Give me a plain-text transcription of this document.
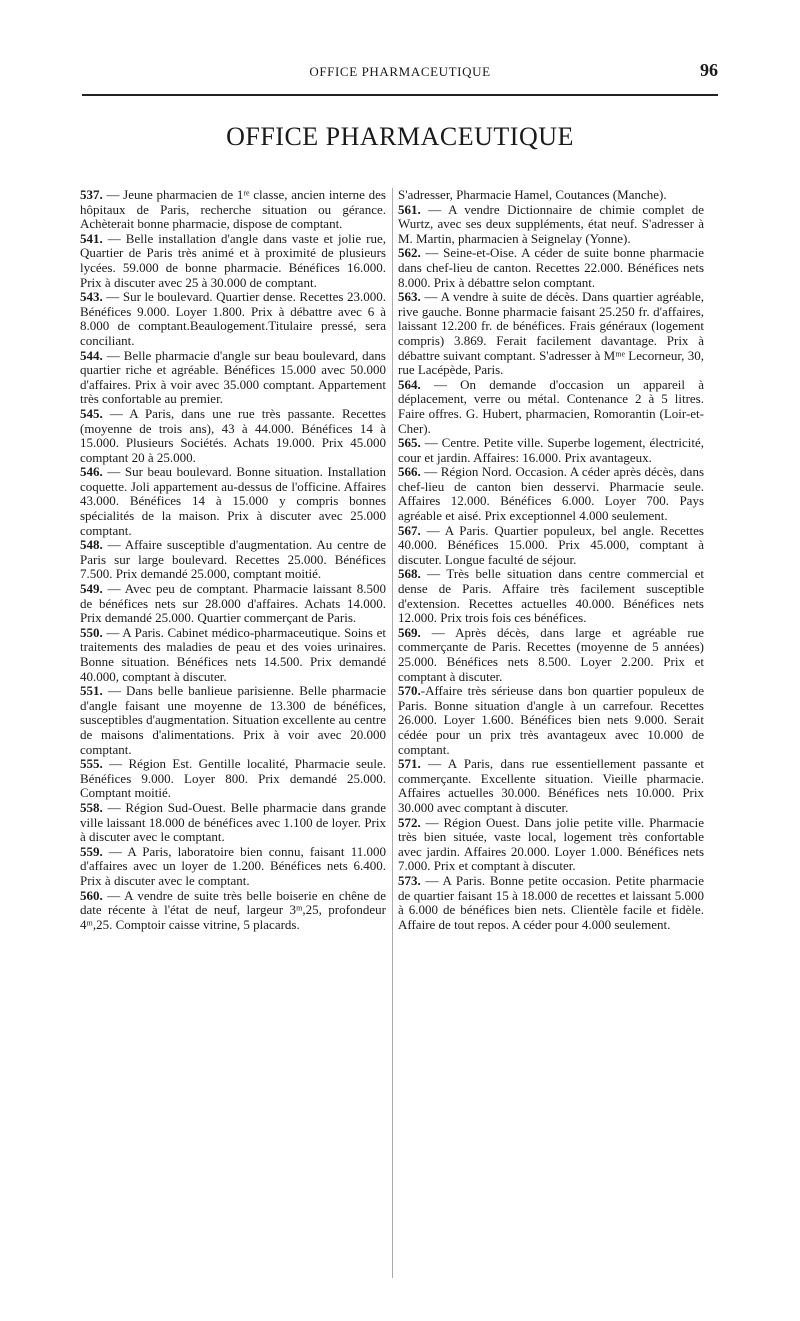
OFFICE PHARMACEUTIQUE	96
OFFICE PHARMACEUTIQUE

537. — Jeune pharmacien de 1ʳᵉ classe, ancien interne des hôpitaux de Paris, recherche situation ou gérance. Achèterait bonne pharmacie, dispose de comptant.

541. — Belle installation d'angle dans vaste et jolie rue, Quartier de Paris très animé et à proximité de plusieurs lycées. 59.000 de bonne pharmacie. Bénéfices 16.000. Prix à discuter avec 25 à 30.000 de comptant.

543. — Sur le boulevard. Quartier dense. Recettes 23.000. Bénéfices 9.000. Loyer 1.800. Prix à débattre avec 6 à 8.000 de comptant.Beaulogement.Titulaire pressé, sera conciliant.

544. — Belle pharmacie d'angle sur beau boulevard, dans quartier riche et agréable. Bénéfices 15.000 avec 50.000 d'affaires. Prix à voir avec 35.000 comptant. Appartement très confortable au premier.

545. — A Paris, dans une rue très passante. Recettes (moyenne de trois ans), 43 à 44.000. Bénéfices 14 à 15.000. Plusieurs Sociétés. Achats 19.000. Prix 45.000 comptant 20 à 25.000.

546. — Sur beau boulevard. Bonne situation. Installation coquette. Joli appartement au-dessus de l'officine. Affaires 43.000. Bénéfices 14 à 15.000 y compris bonnes spécialités de la maison. Prix à discuter avec 25.000 comptant.

548. — Affaire susceptible d'augmentation. Au centre de Paris sur large boulevard. Recettes 25.000. Bénéfices 7.500. Prix demandé 25.000, comptant moitié.

549. — Avec peu de comptant. Pharmacie laissant 8.500 de bénéfices nets sur 28.000 d'affaires. Achats 14.000. Prix demandé 25.000. Quartier commerçant de Paris.

550. — A Paris. Cabinet médico-pharmaceutique. Soins et traitements des maladies de peau et des voies urinaires. Bonne situation. Bénéfices nets 14.500. Prix demandé 40.000, comptant à discuter.

551. — Dans belle banlieue parisienne. Belle pharmacie d'angle faisant une moyenne de 13.300 de bénéfices, susceptibles d'augmentation. Situation excellente au centre de maisons d'alimentations. Prix à voir avec 20.000 comptant.

555. — Région Est. Gentille localité, Pharmacie seule. Bénéfices 9.000. Loyer 800. Prix demandé 25.000. Comptant moitié.

558. — Région Sud-Ouest. Belle pharmacie dans grande ville laissant 18.000 de bénéfices avec 1.100 de loyer. Prix à discuter avec le comptant.

559. — A Paris, laboratoire bien connu, faisant 11.000 d'affaires avec un loyer de 1.200. Bénéfices nets 6.400. Prix à discuter avec le comptant.

560. — A vendre de suite très belle boiserie en chêne de date récente à l'état de neuf, largeur 3ᵐ,25, profondeur 4ᵐ,25. Comptoir caisse vitrine, 5 placards.

S'adresser, Pharmacie Hamel, Coutances (Manche).

561. — A vendre Dictionnaire de chimie complet de Wurtz, avec ses deux suppléments, état neuf. S'adresser à M. Martin, pharmacien à Seignelay (Yonne).

562. — Seine-et-Oise. A céder de suite bonne pharmacie dans chef-lieu de canton. Recettes 22.000. Bénéfices nets 8.000. Prix à débattre selon comptant.

563. — A vendre à suite de décès. Dans quartier agréable, rive gauche. Bonne pharmacie faisant 25.250 fr. d'affaires, laissant 12.200 fr. de bénéfices. Frais généraux (logement compris) 3.869. Ferait facilement davantage. Prix à débattre suivant comptant. S'adresser à Mᵐᵉ Lecorneur, 30, rue Lacépède, Paris.

564. — On demande d'occasion un appareil à déplacement, verre ou métal. Contenance 2 à 5 litres. Faire offres. G. Hubert, pharmacien, Romorantin (Loir-et-Cher).

565. — Centre. Petite ville. Superbe logement, électricité, cour et jardin. Affaires: 16.000. Prix avantageux.

566. — Région Nord. Occasion. A céder après décès, dans chef-lieu de canton bien desservi. Pharmacie seule. Affaires 12.000. Bénéfices 6.000. Loyer 700. Pays agréable et aisé. Prix exceptionnel 4.000 seulement.

567. — A Paris. Quartier populeux, bel angle. Recettes 40.000. Bénéfices 15.000. Prix 45.000, comptant à discuter. Longue faculté de séjour.

568. — Très belle situation dans centre commercial et dense de Paris. Affaire très facilement susceptible d'extension. Recettes actuelles 40.000. Bénéfices nets 12.000. Prix trois fois ces bénéfices.

569. — Après décès, dans large et agréable rue commerçante de Paris. Recettes (moyenne de 5 années) 25.000. Bénéfices nets 8.500. Loyer 2.200. Prix et comptant à discuter.

570.-Affaire très sérieuse dans bon quartier populeux de Paris. Bonne situation d'angle à un carrefour. Recettes 26.000. Loyer 1.600. Bénéfices bien nets 9.000. Serait cédée pour un prix très avantageux avec 10.000 de comptant.

571. — A Paris, dans rue essentiellement passante et commerçante. Excellente situation. Vieille pharmacie. Affaires actuelles 30.000. Bénéfices nets 10.000. Prix 30.000 avec comptant à discuter.

572. — Région Ouest. Dans jolie petite ville. Pharmacie très bien située, vaste local, logement très confortable avec jardin. Affaires 20.000. Loyer 1.000. Bénéfices nets 7.000. Prix et comptant à discuter.

573. — A Paris. Bonne petite occasion. Petite pharmacie de quartier faisant 15 à 18.000 de recettes et laissant 5.000 à 6.000 de bénéfices bien nets. Clientèle facile et fidèle. Affaire de tout repos. A céder pour 4.000 seulement.
